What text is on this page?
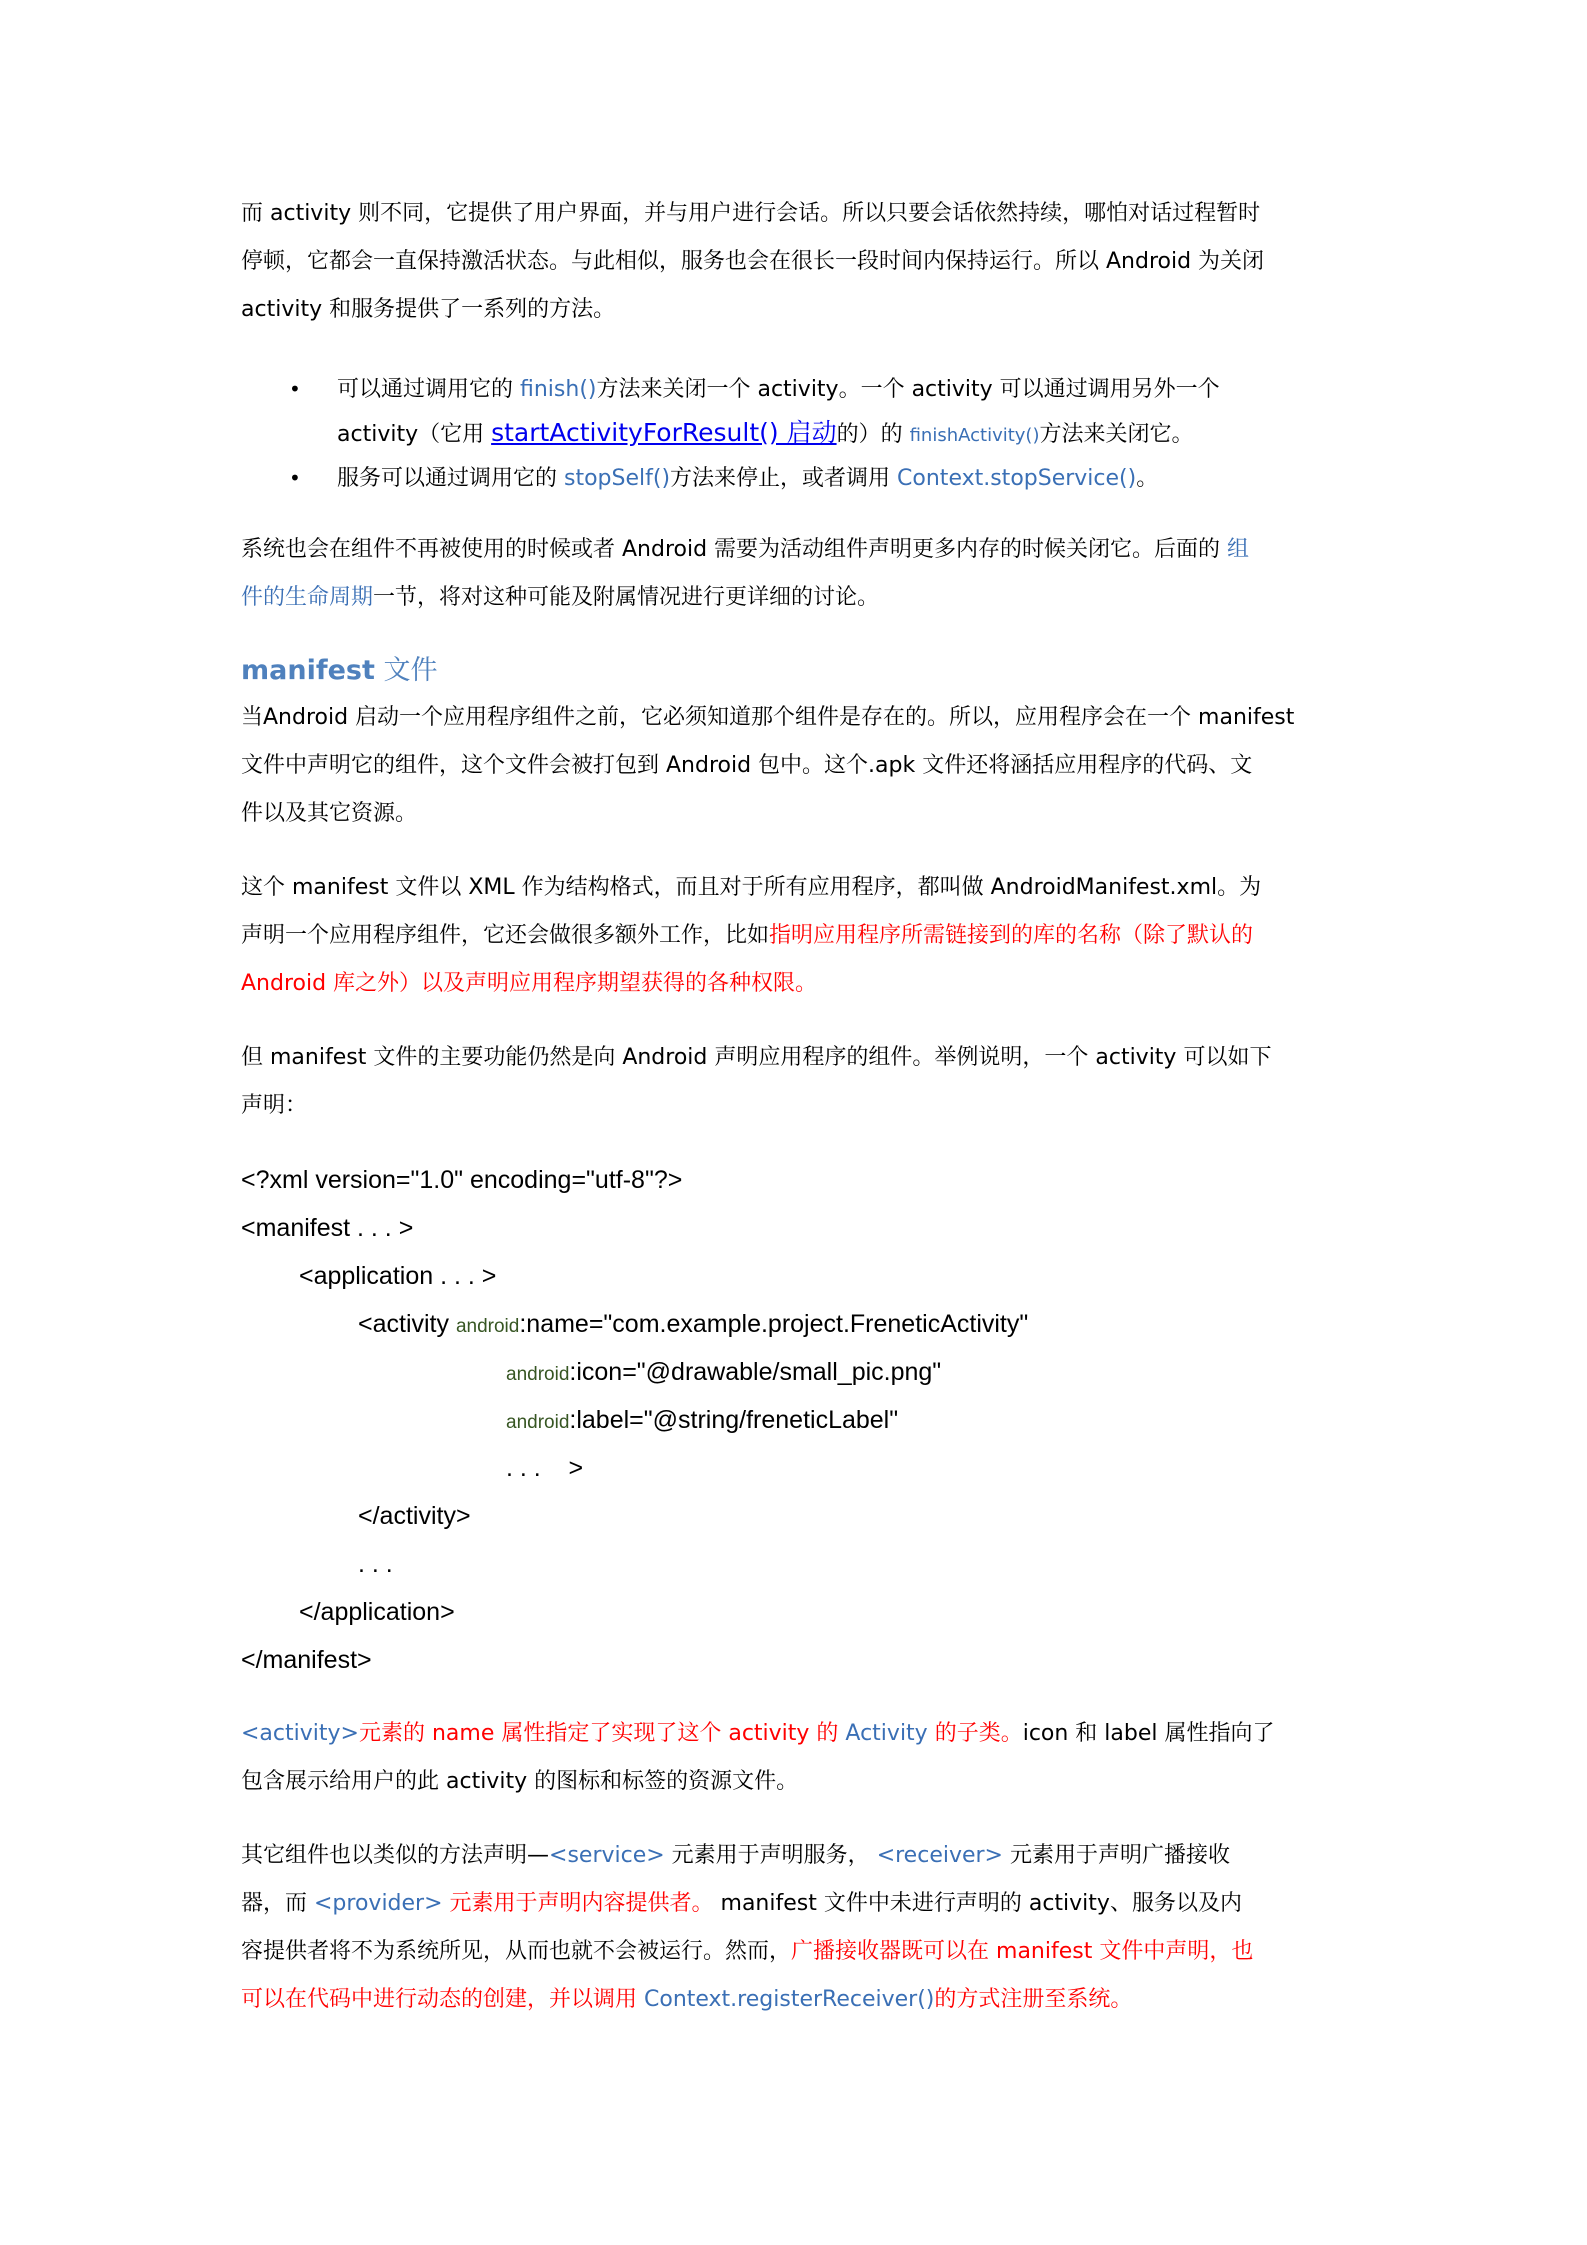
而 activity 则不同，它提供了用户界面，并与用户进行会话。所以只要会话依然持续，哪怕对话过程暂时
停顿，它都会一直保持激活状态。与此相似，服务也会在很长一段时间内保持运行。所以 Android 为关闭
activity 和服务提供了一系列的方法。

• 可以通过调用它的 finish()方法来关闭一个 activity。一个 activity 可以通过调用另外一个
activity（它用 startActivityForResult() 启动的）的 finishActivity()方法来关闭它。
• 服务可以通过调用它的 stopSelf()方法来停止，或者调用 Context.stopService()。

系统也会在组件不再被使用的时候或者 Android 需要为活动组件声明更多内存的时候关闭它。后面的 组
件的生命周期一节，将对这种可能及附属情况进行更详细的讨论。

manifest 文件

当Android 启动一个应用程序组件之前，它必须知道那个组件是存在的。所以，应用程序会在一个 manifest
文件中声明它的组件，这个文件会被打包到 Android 包中。这个.apk 文件还将涵括应用程序的代码、文
件以及其它资源。

这个 manifest 文件以 XML 作为结构格式，而且对于所有应用程序，都叫做 AndroidManifest.xml。为
声明一个应用程序组件，它还会做很多额外工作，比如指明应用程序所需链接到的库的名称（除了默认的
Android 库之外）以及声明应用程序期望获得的各种权限。

但 manifest 文件的主要功能仍然是向 Android 声明应用程序的组件。举例说明，一个 activity 可以如下
声明：

<?xml version="1.0" encoding="utf-8"?>
<manifest . . . >
<application . . . >
<activity android:name="com.example.project.FreneticActivity"
android:icon="@drawable/small_pic.png"
android:label="@string/freneticLabel"
. . .    >
</activity>
. . .
</application>
</manifest>

<activity>元素的 name 属性指定了实现了这个 activity 的 Activity 的子类。icon 和 label 属性指向了
包含展示给用户的此 activity 的图标和标签的资源文件。

其它组件也以类似的方法声明—<service> 元素用于声明服务， <receiver> 元素用于声明广播接收
器，而 <provider> 元素用于声明内容提供者。 manifest 文件中未进行声明的 activity、服务以及内
容提供者将不为系统所见，从而也就不会被运行。然而，广播接收器既可以在 manifest 文件中声明，也
可以在代码中进行动态的创建，并以调用 Context.registerReceiver()的方式注册至系统。
